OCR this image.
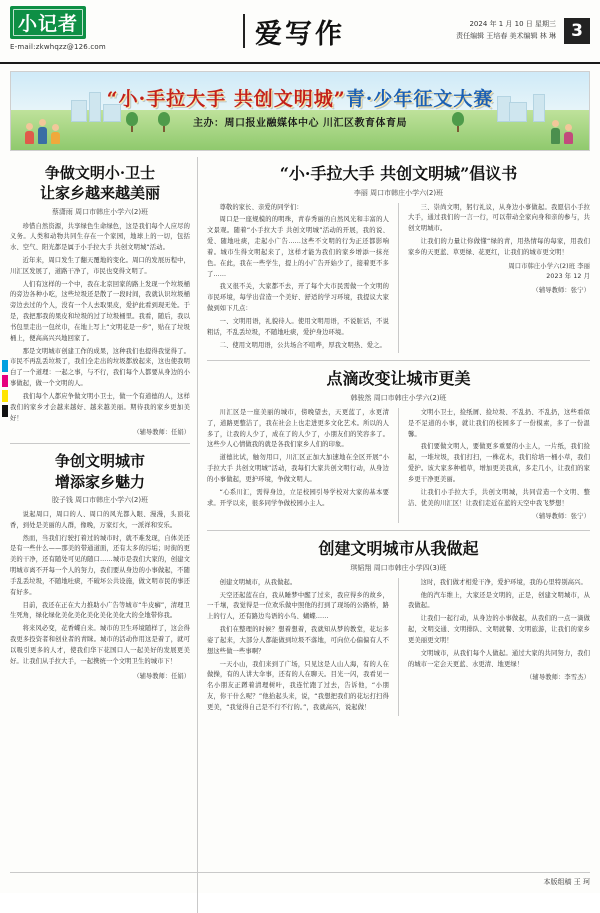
小记者
E-mail:zkwhqzz@126.com	爱写作	2024 年 1 月 10 日 星期三
责任编辑 王培春 美术编辑 林 琳 3
“小·手拉大手 共创文明城”青·少年征文大赛
主办：周口报业融媒体中心 川汇区教育体育局
争做文明小·卫士
让家乡越来越美丽
蔡潇雨 周口市韩庄小学六(2)班

珍惜自然资源，共享绿色生命绿色，这是我们每个人应尽的义务。人类和动物共同生存在一个家园，地球上的一切，包括水、空气、阳光都是属于小手拉大手 共创文明城“活动。

近年来，周口发生了翻天覆地的变化。周口的发展历程中，川汇区发展了，道路干净了，市民也变得文明了。

人们有这样的一个中，我在北京回家的路上发现一个垃圾桶的旁边各种小吃，这些垃圾还是散了一段时间，我就认识垃圾桶旁边去过的个人，没有一个人去取果皮，爱护此看到现无处。于是，我把那我的果皮和垃圾的过了垃圾桶里。我看，随后，我以书包里走出一包丝巾，在地上写上“文明花是一步”，贴在了垃圾桶上，便高高兴兴地回家了。

那是文明城市创建工作的成果，这种我们也提得我觉得了。市民不再乱丢垃圾了，我们全走出的垃圾都放起来，这也使我明白了一个道理：一起之事，与不行，我们每个人都要从身边的小事做起，做一个文明的人。

我们每个人都应争做文明小卫士，做一个有道德的人，这样我们的家乡才会越来越好、越来越美丽。期待我的家乡更加美好！

（辅导教师：任娟）
争创文明城市
增添家乡魅力
胶子钱 周口市韩庄小学六(2)班

说起周口，周口的人、周口的风光都入眼、漫漫，头顶花香，到处是美丽的人群，像晚，万家灯火，一派祥和安乐。

然而，当我们行驶打着过的城市时，就不难发现，自体美还是有一些什么——那美的带通道面，还有太多的污垢；时街的更美的干净，还有随处可见的随口……城市是我们大家的，创建文明城市离不开每一个人的努力，我们要从身边的小事做起，不随手乱丢垃圾，不随地吐痰，不破坏公共设施，做文明市民的事还有好多。

目前，我还在正在大力推助小广告等城市“牛皮癣”，清理卫生死角，绿化绿化美化美化美化美化美化大的全地带你我。

将来风必变，花香蝶自来。城市的卫生环境随样了，这会得我更多投资者和创业者的青睐。城市的活动作用这是着了，就可以吸引更多的人才，使我们华下花国口人一起美好的发展更美好。让我们从手拉大手，一起携统一个文明卫生的城市下！

（辅导教师：任娟）
“小·手拉大手 共创文明城”倡议书
李丽 周口市韩庄小学六(2)班

尊敬的家长、亲爱的同学们：

周口是一座规模的的明珠，青春秀丽的自然风光和丰富的人文景观。随着“小手拉大手 共创文明城”活动的开展，我的说、爱、随地吐痰，走起小广告……这些不文明的行为正还都影响着。城市生得文明起来了，这样才能为我们的家乡增添一抹亮色。在此，我在一些学生，提上的小广告开始少了，接着更不多了……

我又很不关，大家都不去，开了每个大市民需做一个文明的市民环境，每学出营造一个美好、舒适的学习环境，我提议大家做到如下几点：

一、文明用语，礼貌待人。使用文明用语，不说脏话，不说粗话，不乱丢垃圾，不随地吐痰，爱护身边环境。

二、使用文明用语，公共场合不喧哗，厚我文明热、爱之。

三、崇尚文明，躬行礼议，从身边小事做起。我愿信小手拉大手，通过我们的一言一行，可以带动全家向身和亲的参与，共创文明城市。

让我们的力量让你做懂“绿的青，用热情每的每家，用我们家乡的天更蓝、草更绿、花更红，让我们的城市更文明！

周口市韩庄小学六(2)班 李丽
2023 年 12 月
（辅导教师：张宁）
点滴改变让城市更美
韩骏然 周口市韩庄小学六(2)班

川汇区是一座美丽的城市，傍晚望去，天更蓝了，水更清了，道路更整洁了，我在社会上也走进更多文化艺术。所以的人多了，让我的人少了，成在了的人少了，小朋友们的笑容多了。这些少人心情做我的就是各我们家乡人们的印象。

道德比试，触勿用口，川汇区正加大加速地在全区开展“小手拉大手 共创文明城”活动，我每们大家共创文明行动，从身边的小事做起，更护环境，争做文明人。

“心系川汇，需得身边，立足校园引导学校对大家的基本要求。开学以来，很多同学争做校园小主人。

文明小卫士，捡纸屑、捡垃圾、不乱扔、不乱扔，这些看似是不足道的小事，就让我们的校园多了一份模素，多了一份温馨。

我们要做文明人，要做更多重要的小主人，一片纸，我们捡起，一堆垃圾，我们打扫，一株花木，我们给培一桶小草，我们爱护。该大家多种植草，增加更美我真，多走几小，让我们的家乡更干净更美丽。

让我们小手拉大手，共创文明城，共同营造一个文明、整洁、优美的川汇区！让我们走近在蓝的天空中我飞梦想！

（辅导教师：张宁）
创建文明城市从我做起
琪韬翔 周口市韩庄小学四(3)班

创建文明城市，从我做起。

天空还起蓝在白，我从睡梦中醒了过来，我应得乡的故乡，一千壤，我觉得是一位欢乐做中照他的打到了现场的公路桥，路上的行人，还有路边鸟语的小鸟、蝴蝶……

我们在整理的时候？想着想着，我就知从梦的教堂，花坛多姿了起来，大部分人都能做到垃圾不落地，可向位心偏偏有人不想这些做一些事啊？

一天小山，我们来到了广场，只见这是人山人海，有的人在做操，有的人讲大伞事，还有的人在聊天。目光一闪，我看见一名小朋友正蹲着清理树叶，我连忙跑了过去，告诉他，“小朋友，你干什么呢？”他抬起头来，说，“我想把我们的花坛打扫得更美，“我觉得自己是不行不行的。”，我就高兴，说起做！

这时，我们做才相爱干净，爱护环境，我的心里特别高兴。

他的汽车维上，大家还是文明的，正是，创建文明城市，从我做起。

让我们一起行动，从身边的小事做起，从我们的一点一滴做起，文明交通、文明排队、文明就餐、文明旅游，让我们的家乡更美丽更文明！

文明城市，从我们每个人做起。通过大家的共同努力，我们的城市一定会天更蓝、水更清、地更绿！

（辅导教师：李雪杰）
本版组稿 王 珂
